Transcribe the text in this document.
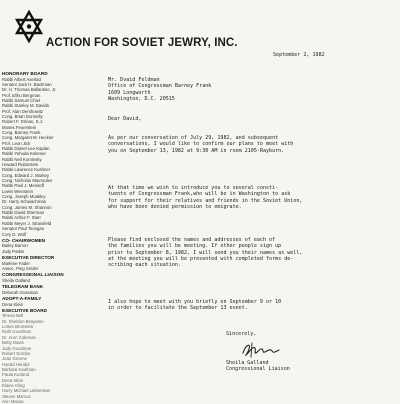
ACTION FOR SOVIET JEWRY, INC.
HONORARY BOARD
Rabbi Albert Axelrad
Senator Jack H. Backman
Dr. H. Thomas Ballantine, Jr.
Prof. Elihu Bergman
Rabbi Samuel Chiel
Rabbi Stanley M. Davids
Prof. Alan Dershowitz
Cong. Brian Donnelly
Robert F. Drinan, S.J.
Moses Feuerstein
Cong. Barney Frank
Cong. Margaret M. Heckler
Prof. Leon Jick
Rabbi Daniel Lee Kaplan
Rabbi Yehuda Kelemer
Rabbi Neil Kominsky
Howard Rubinstein
Rabbi Lawrence Kushner
Cong. Edward J. Markey
Cong. Nicholas Mavroules
Rabbi Paul J. Menitoff
Lewis Weinstein
Cong. Joseph Moakley
Dr. Harry Schwachman
Cong. James M. Shannon
Rabbi David Sherman
Rabbi Arthur F. Starr
Rabbi Meyer J. Strassfeld
Senator Paul Tsongas
Cory D. Wolf
CO- CHAIRWOMEN
Bailey Barron
Judy Patkin
EXECUTIVE DIRECTOR
Marlene Fader
Assoc. Ping Snider
CONGRESSIONAL LIAISON
Sheila Galland
TELEGRAM BANK
Deborah Gussman
ADOPT-A-FAMILY
Dena Klein
EXECUTIVE BOARD
Teresa Bell
Dr. Sheldon Benjamin
Lorien Bronstein
Ruth Goodman
Dr. Aron Coleman
Betty Davis
Judy Goodman
Robert Gordon
Joan Greene
Harold Hendel
Barbara Kaufman
Paula Kurland
Dena Klein
Elaine Kling
Harry Michael Lieberman
Steven Marcus
Ann Massa
September 2, 1982
Mr. Dvaid Feldman
Office of Congressman Barney Frank
1609 Longworth
Washington, D.C. 20515
Dear David,
As per our conversation of July 29, 1982, and subsequent
conversations, I would like to confirm our plans to meet with
you on September 13, 1982 at 9:30 AM in room 2105-Rayburn.
At that time we wish to introduce you to several consti-
tuents of Congressman Frank,who will be in Washington to ask
for support for their relatives and friends in the Soviet Union,
who have been denied permission to emigrate.
Please find enclosed the names and addresses of each of
the families you will be meeting. If other people sign up
prior to September 8, 1982, I will send you their names as well,
at the meeting you will be presented with completed forms de-
scribing each situation.
I also hope to meet with you briefly on September 9 or 10
in order to facilitate the September 13 event.
Sincerely,
Sheila Galland
Congressional Liaison
